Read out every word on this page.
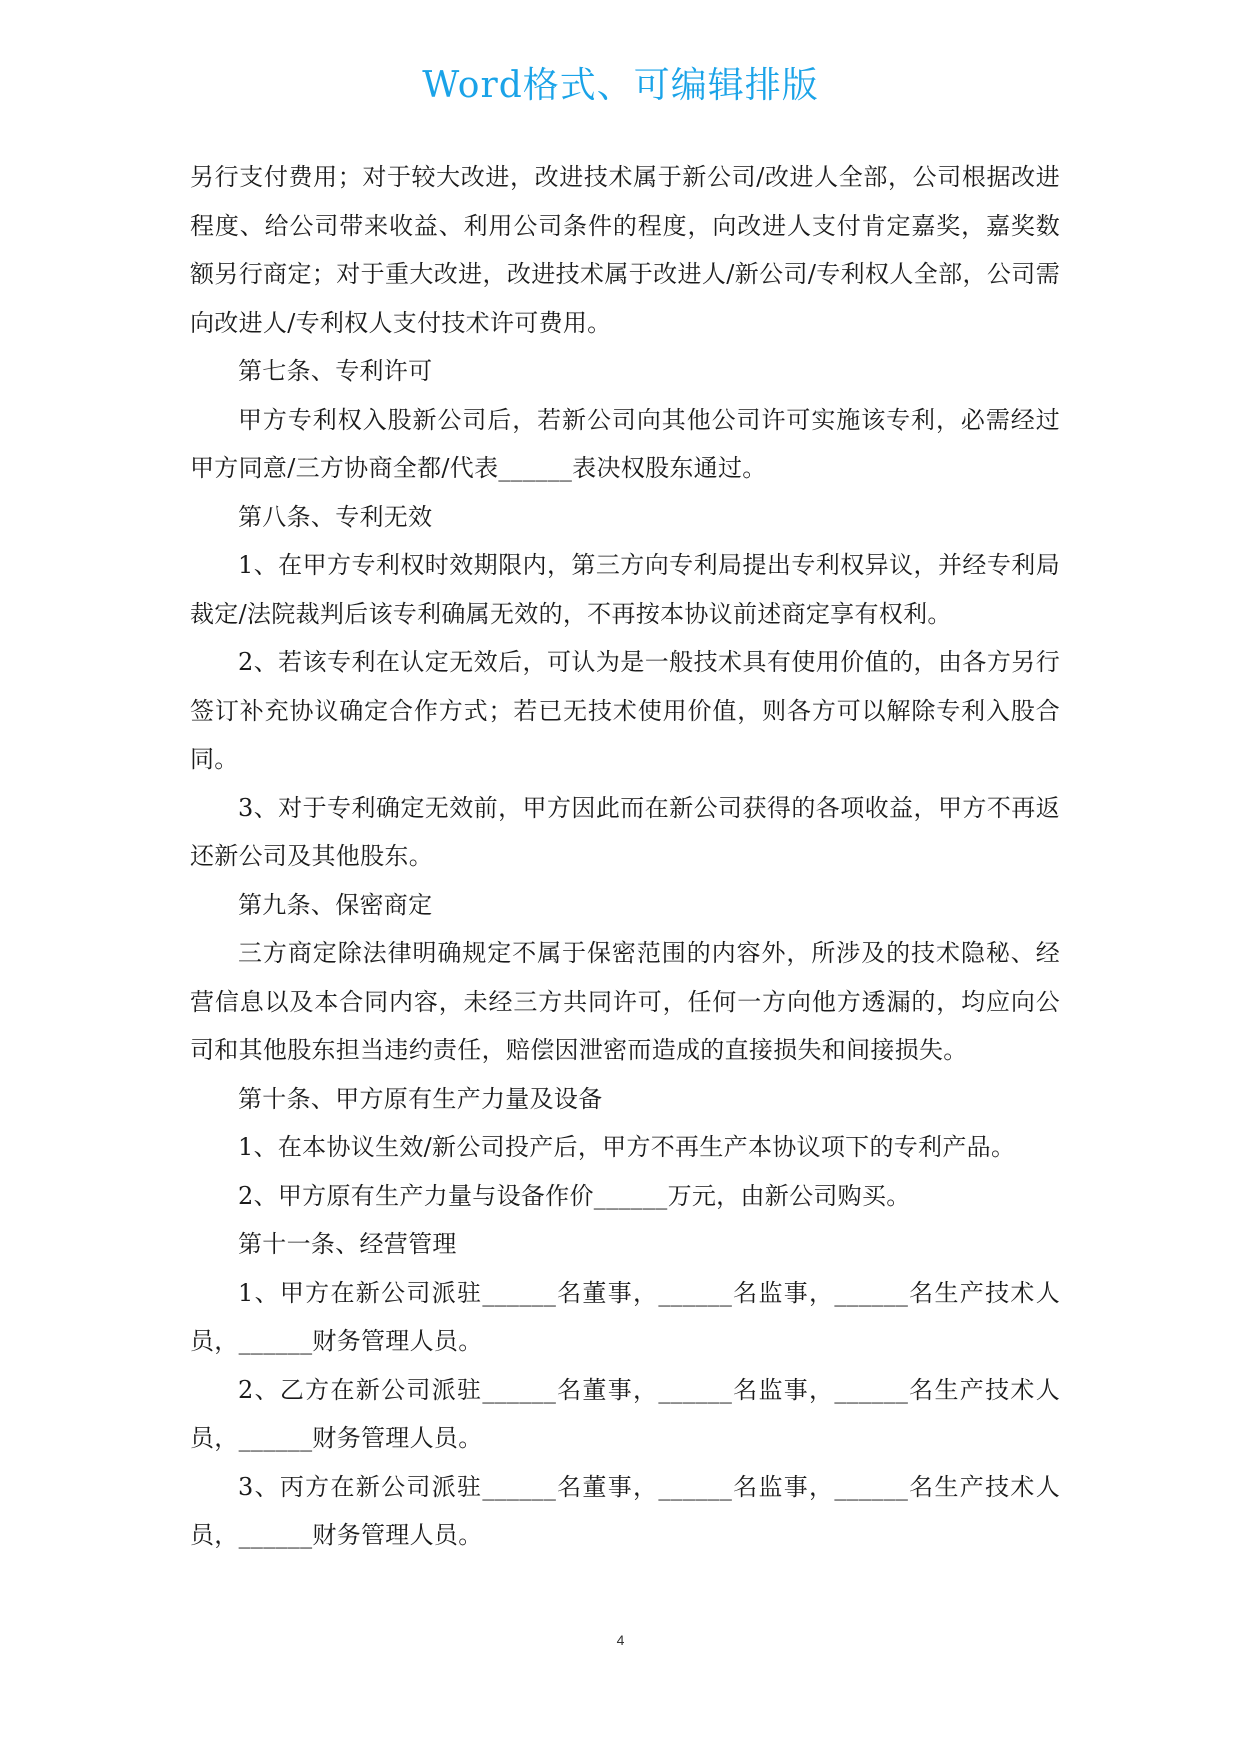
Word格式、可编辑排版

另行支付费用；对于较大改进，改进技术属于新公司/改进人全部，公司根据改进程度、给公司带来收益、利用公司条件的程度，向改进人支付肯定嘉奖，嘉奖数额另行商定；对于重大改进，改进技术属于改进人/新公司/专利权人全部，公司需向改进人/专利权人支付技术许可费用。

第七条、专利许可

甲方专利权入股新公司后，若新公司向其他公司许可实施该专利，必需经过甲方同意/三方协商全都/代表______表决权股东通过。

第八条、专利无效

1、在甲方专利权时效期限内，第三方向专利局提出专利权异议，并经专利局裁定/法院裁判后该专利确属无效的，不再按本协议前述商定享有权利。

2、若该专利在认定无效后，可认为是一般技术具有使用价值的，由各方另行签订补充协议确定合作方式；若已无技术使用价值，则各方可以解除专利入股合同。

3、对于专利确定无效前，甲方因此而在新公司获得的各项收益，甲方不再返还新公司及其他股东。

第九条、保密商定

三方商定除法律明确规定不属于保密范围的内容外，所涉及的技术隐秘、经营信息以及本合同内容，未经三方共同许可，任何一方向他方透漏的，均应向公司和其他股东担当违约责任，赔偿因泄密而造成的直接损失和间接损失。

第十条、甲方原有生产力量及设备

1、在本协议生效/新公司投产后，甲方不再生产本协议项下的专利产品。

2、甲方原有生产力量与设备作价______万元，由新公司购买。

第十一条、经营管理

1、甲方在新公司派驻______名董事，______名监事，______名生产技术人员，______财务管理人员。

2、乙方在新公司派驻______名董事，______名监事，______名生产技术人员，______财务管理人员。

3、丙方在新公司派驻______名董事，______名监事，______名生产技术人员，______财务管理人员。

4
